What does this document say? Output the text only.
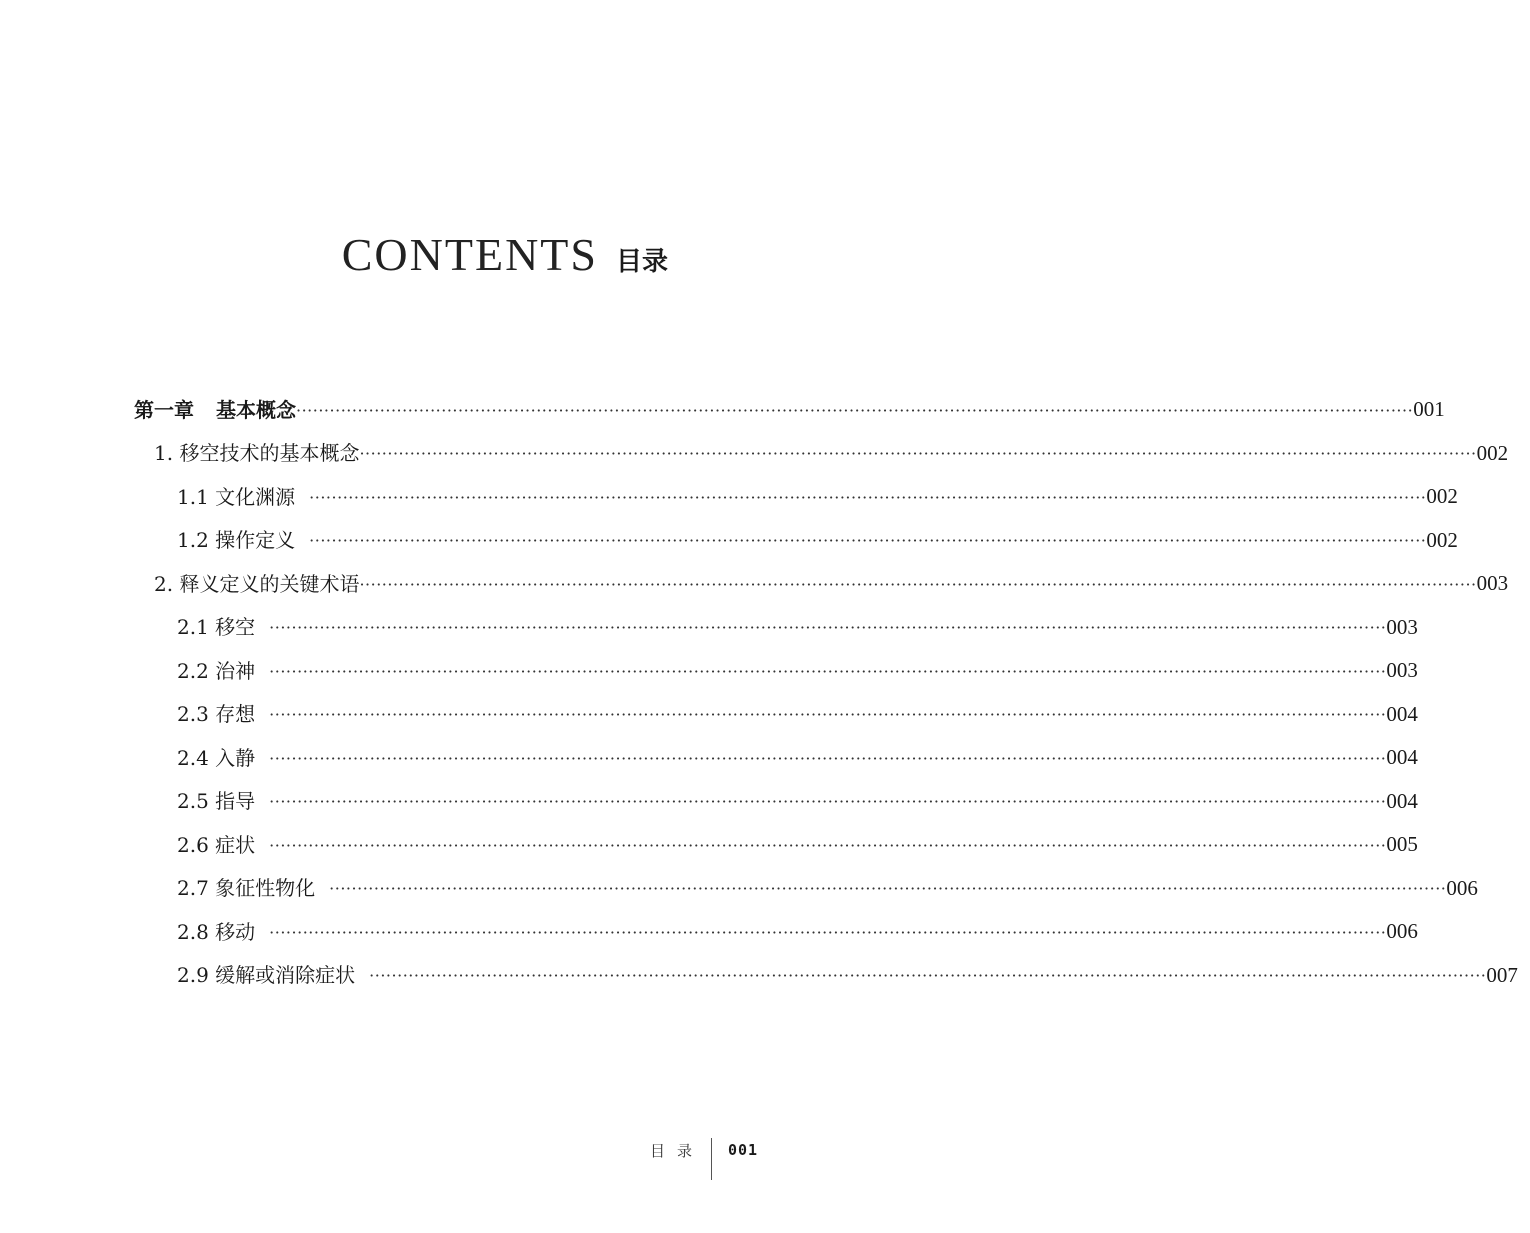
CONTENTS 目录
第一章 基本概念 ········································································································································································································ 001
1. 移空技术的基本概念 ········································································································································································································ 002
1.1 文化渊源 ········································································································································································································ 002
1.2 操作定义 ········································································································································································································ 002
2. 释义定义的关键术语 ········································································································································································································ 003
2.1 移空 ········································································································································································································ 003
2.2 治神 ········································································································································································································ 003
2.3 存想 ········································································································································································································ 004
2.4 入静 ········································································································································································································ 004
2.5 指导 ········································································································································································································ 004
2.6 症状 ········································································································································································································ 005
2.7 象征性物化 ········································································································································································································ 006
2.8 移动 ········································································································································································································ 006
2.9 缓解或消除症状 ········································································································································································································ 007
目录 001
